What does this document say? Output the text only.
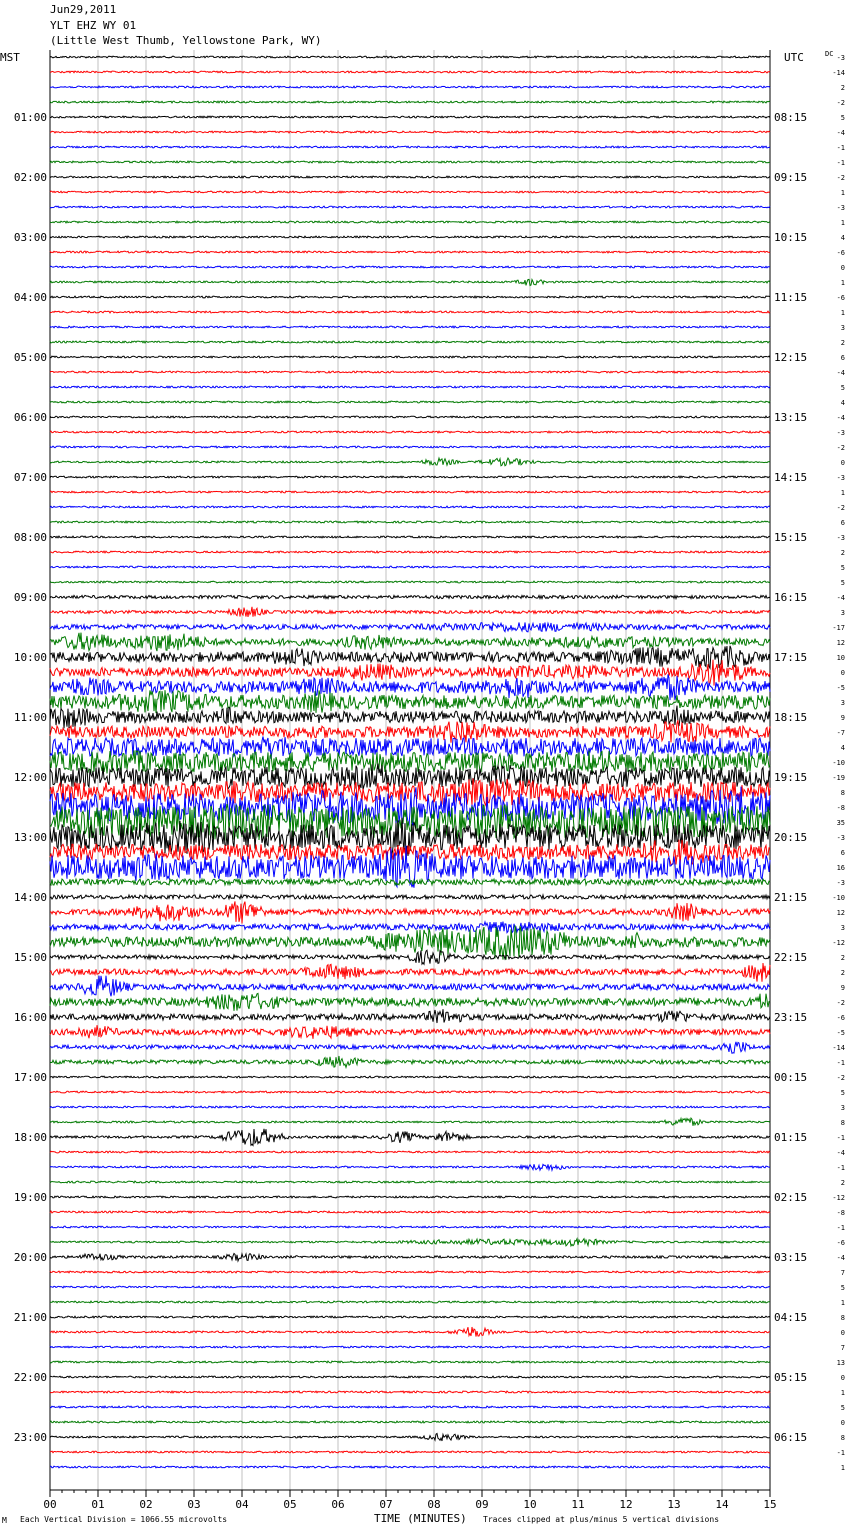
01:00
02:00
03:00
04:00
05:00
06:00
07:00
08:00
09:00
10:00
11:00
12:00
13:00
14:00
15:00
16:00
17:00
18:00
19:00
20:00
21:00
22:00
23:00
08:15
09:15
10:15
11:15
12:15
13:15
14:15
15:15
16:15
17:15
18:15
19:15
20:15
21:15
22:15
23:15
00:15
01:15
02:15
03:15
04:15
05:15
06:15
-3
-14
2
-2
5
-4
-1
-1
-2
1
-3
1
4
-6
0
1
-6
1
3
2
6
-4
5
4
-4
-3
-2
0
-3
1
-2
6
-3
2
5
5
-4
3
-17
12
10
0
-5
3
9
-7
4
-10
-19
8
-8
35
-3
6
16
-3
-10
12
3
-12
2
2
9
-2
-6
-5
-14
-1
-2
5
3
8
-1
-4
-1
2
-12
-8
-1
-6
-4
7
5
1
8
0
7
13
0
1
5
0
8
-1
1
00	01	02	03	04	05	06	07	08	09	10	11	12	13	14	15
Jun29,2011
YLT EHZ WY 01
(Little West Thumb, Yellowstone Park, WY)
MST	UTC	DC
M Each Vertical Division = 1066.55 microvolts	TIME (MINUTES) Traces clipped at plus/minus 5 vertical divisions
